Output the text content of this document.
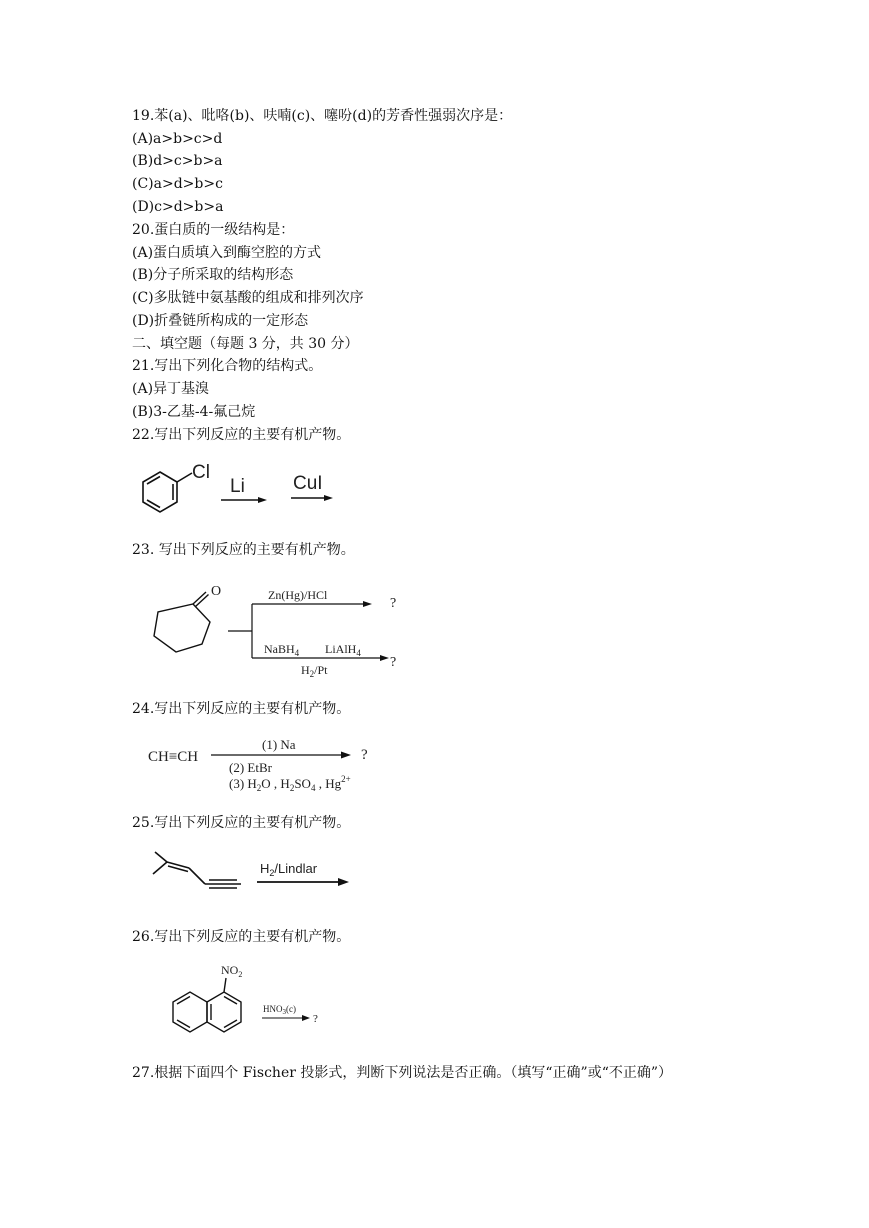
19.苯(a)、吡咯(b)、呋喃(c)、噻吩(d)的芳香性强弱次序是：
(A)a>b>c>d
(B)d>c>b>a
(C)a>d>b>c
(D)c>d>b>a
20.蛋白质的一级结构是：
(A)蛋白质填入到酶空腔的方式
(B)分子所采取的结构形态
(C)多肽链中氨基酸的组成和排列次序
(D)折叠链所构成的一定形态
二、填空题（每题 3 分，共 30 分）
21.写出下列化合物的结构式。
(A)异丁基溴
(B)3-乙基-4-氟己烷
22.写出下列反应的主要有机产物。
Cl
Li	CuI
23. 写出下列反应的主要有机产物。
O	Zn(Hg)/HCl
?
NaBH$_4$ LiAlH$_4$
$H_2/Pt$	?
24.写出下列反应的主要有机产物。
CH≡CH
(1) Na
(2) EtBr
(3) $H_2O$ , $H_2SO_4$ , $Hg^{2+}$
?
25.写出下列反应的主要有机产物。
$H_2$/Lindlar
26.写出下列反应的主要有机产物。
$NO_2$
$HNO_3(c)$
?
27.根据下面四个 Fischer 投影式，判断下列说法是否正确。（填写“正确”或“不正确”）
